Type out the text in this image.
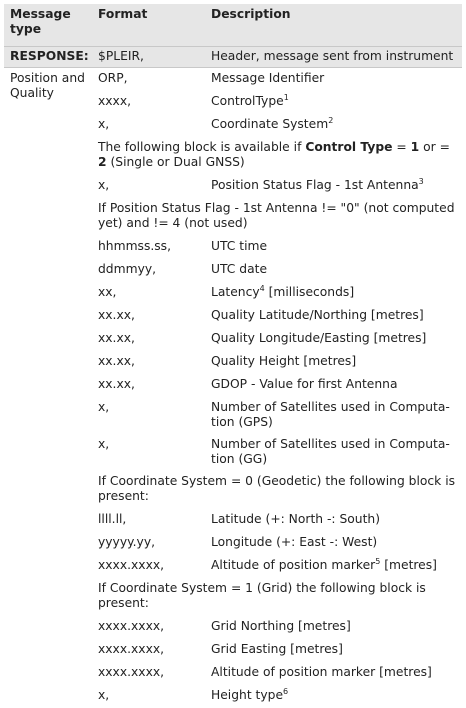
Message type	Format	Description
RESPONSE:	$PLEIR,	Header, message sent from instrument
Position and Quality	ORP,	Message Identifier
	xxxx,	ControlType$^1$
	x,	Coordinate System$^2$
	The following block is available if Control Type = 1 or = 2 (Single or Dual GNSS)	
	x,	Position Status Flag - 1st Antenna$^3$
	If Position Status Flag - 1st Antenna != "0" (not computed yet) and != 4 (not used)	
	hhmmss.ss,	UTC time
	ddmmyy,	UTC date
	xx,	Latency$^4$ [milliseconds]
	xx.xx,	Quality Latitude/Northing [metres]
	xx.xx,	Quality Longitude/Easting [metres]
	xx.xx,	Quality Height [metres]
	xx.xx,	GDOP - Value for first Antenna
	x,	Number of Satellites used in Computa-tion (GPS)
	x,	Number of Satellites used in Computa-tion (GG)
	If Coordinate System = 0 (Geodetic) the following block is present:	
	llll.ll,	Latitude (+: North -: South)
	yyyyy.yy,	Longitude (+: East -: West)
	xxxx.xxxx,	Altitude of position marker$^5$ [metres]
	If Coordinate System = 1 (Grid) the following block is present:	
	xxxx.xxxx,	Grid Northing [metres]
	xxxx.xxxx,	Grid Easting [metres]
	xxxx.xxxx,	Altitude of position marker [metres]
	x,	Height type$^6$
